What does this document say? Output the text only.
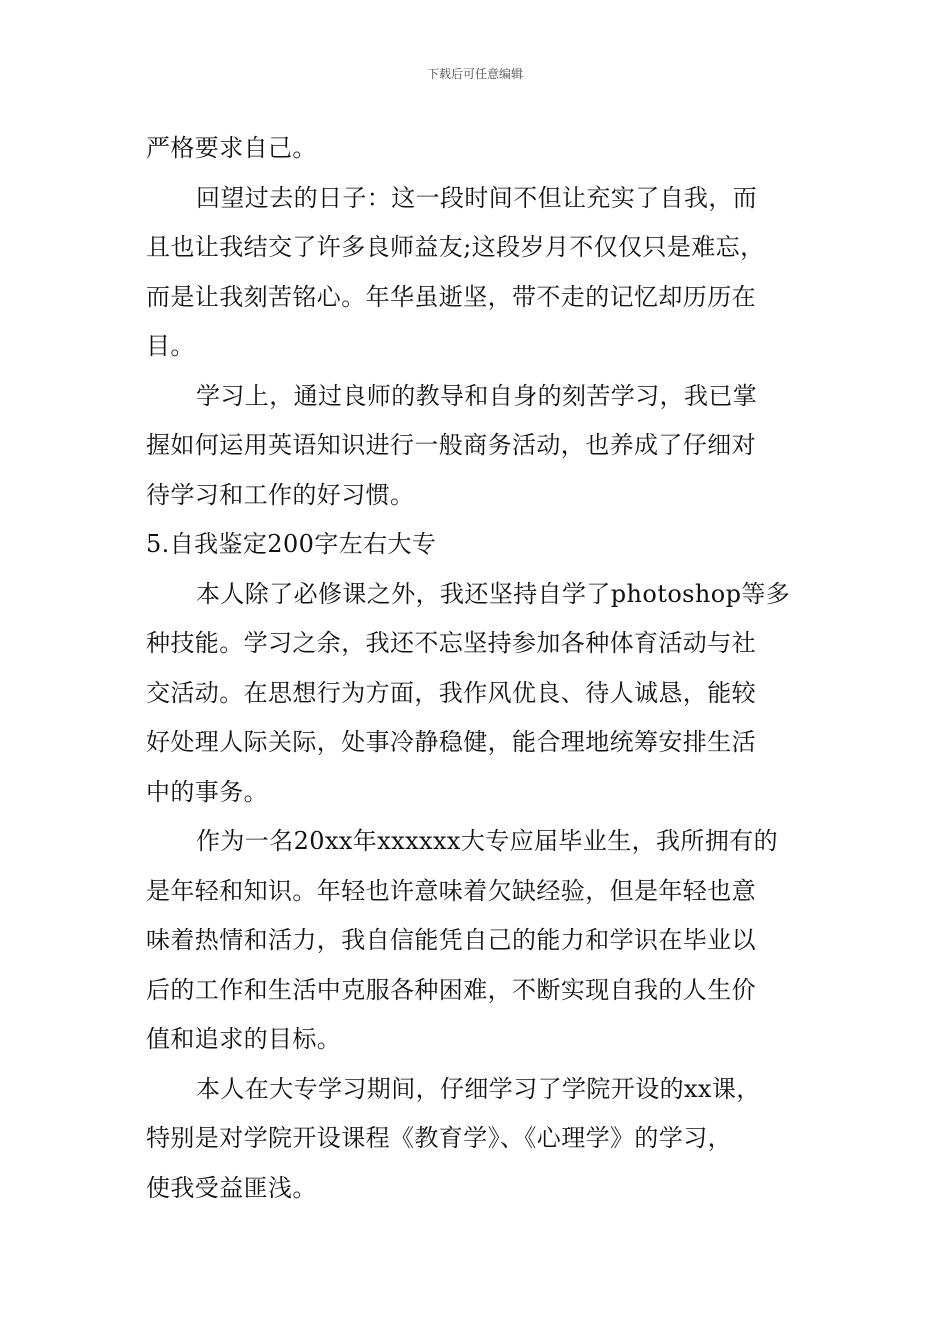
下载后可任意编辑
严格要求自己。
回望过去的日子：这一段时间不但让充实了自我，而
且也让我结交了许多良师益友;这段岁月不仅仅只是难忘，
而是让我刻苦铭心。年华虽逝坚，带不走的记忆却历历在
目。
学习上，通过良师的教导和自身的刻苦学习，我已掌
握如何运用英语知识进行一般商务活动，也养成了仔细对
待学习和工作的好习惯。
5.自我鉴定200字左右大专
本人除了必修课之外，我还坚持自学了photoshop等多
种技能。学习之余，我还不忘坚持参加各种体育活动与社
交活动。在思想行为方面，我作风优良、待人诚恳，能较
好处理人际关际，处事冷静稳健，能合理地统筹安排生活
中的事务。
作为一名20xx年xxxxxx大专应届毕业生，我所拥有的
是年轻和知识。年轻也许意味着欠缺经验，但是年轻也意
味着热情和活力，我自信能凭自己的能力和学识在毕业以
后的工作和生活中克服各种困难，不断实现自我的人生价
值和追求的目标。
本人在大专学习期间，仔细学习了学院开设的xx课，
特别是对学院开设课程《教育学》、《心理学》的学习，
使我受益匪浅。
